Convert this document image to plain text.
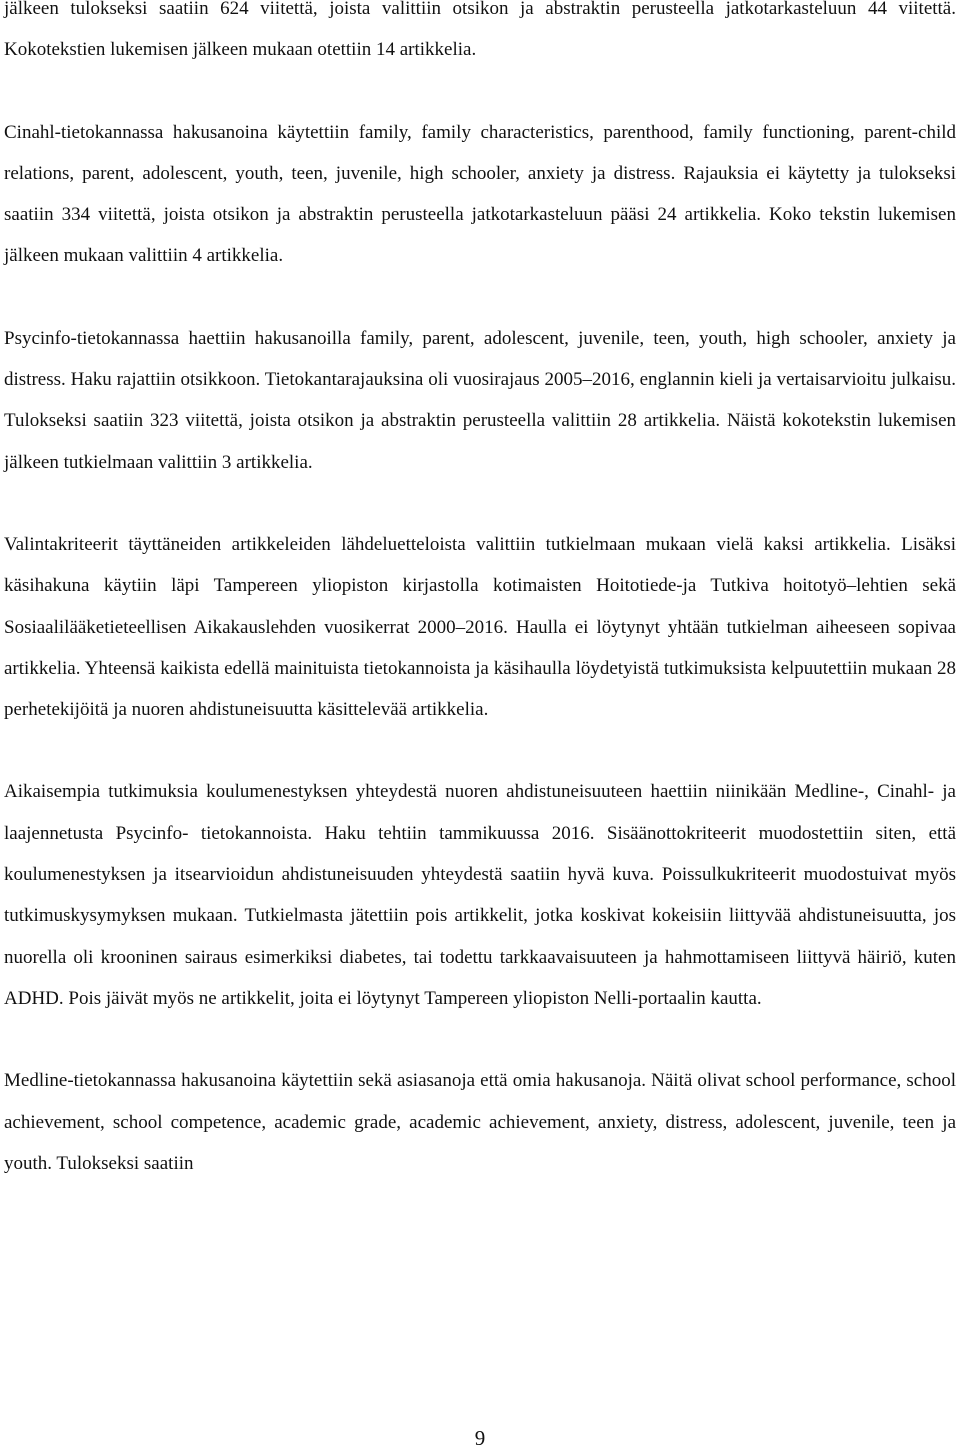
jälkeen tulokseksi saatiin 624 viitettä, joista valittiin otsikon ja abstraktin perusteella jatkotarkasteluun 44 viitettä. Kokotekstien lukemisen jälkeen mukaan otettiin 14 artikkelia.

Cinahl-tietokannassa hakusanoina käytettiin family, family characteristics, parenthood, family functioning, parent-child relations, parent, adolescent, youth, teen, juvenile, high schooler, anxiety ja distress. Rajauksia ei käytetty ja tulokseksi saatiin 334 viitettä, joista otsikon ja abstraktin perusteella jatkotarkasteluun pääsi 24 artikkelia. Koko tekstin lukemisen jälkeen mukaan valittiin 4 artikkelia.

Psycinfo-tietokannassa haettiin hakusanoilla family, parent, adolescent, juvenile, teen, youth, high schooler, anxiety ja distress. Haku rajattiin otsikkoon. Tietokantarajauksina oli vuosirajaus 2005–2016, englannin kieli ja vertaisarvioitu julkaisu. Tulokseksi saatiin 323 viitettä, joista otsikon ja abstraktin perusteella valittiin 28 artikkelia. Näistä kokotekstin lukemisen jälkeen tutkielmaan valittiin 3 artikkelia.

Valintakriteerit täyttäneiden artikkeleiden lähdeluetteloista valittiin tutkielmaan mukaan vielä kaksi artikkelia. Lisäksi käsihakuna käytiin läpi Tampereen yliopiston kirjastolla kotimaisten Hoitotiede-ja Tutkiva hoitotyö–lehtien sekä Sosiaalilääketieteellisen Aikakauslehden vuosikerrat 2000–2016. Haulla ei löytynyt yhtään tutkielman aiheeseen sopivaa artikkelia. Yhteensä kaikista edellä mainituista tietokannoista ja käsihaulla löydetyistä tutkimuksista kelpuutettiin mukaan 28 perhetekijöitä ja nuoren ahdistuneisuutta käsittelevää artikkelia.

Aikaisempia tutkimuksia koulumenestyksen yhteydestä nuoren ahdistuneisuuteen haettiin niinikään Medline-, Cinahl- ja laajennetusta Psycinfo- tietokannoista. Haku tehtiin tammikuussa 2016. Sisäänottokriteerit muodostettiin siten, että koulumenestyksen ja itsearvioidun ahdistuneisuuden yhteydestä saatiin hyvä kuva. Poissulkukriteerit muodostuivat myös tutkimuskysymyksen mukaan. Tutkielmasta jätettiin pois artikkelit, jotka koskivat kokeisiin liittyvää ahdistuneisuutta, jos nuorella oli krooninen sairaus esimerkiksi diabetes, tai todettu tarkkaavaisuuteen ja hahmottamiseen liittyvä häiriö, kuten ADHD. Pois jäivät myös ne artikkelit, joita ei löytynyt Tampereen yliopiston Nelli-portaalin kautta.

Medline-tietokannassa hakusanoina käytettiin sekä asiasanoja että omia hakusanoja. Näitä olivat school performance, school achievement, school competence, academic grade, academic achievement, anxiety, distress, adolescent, juvenile, teen ja youth. Tulokseksi saatiin

9
